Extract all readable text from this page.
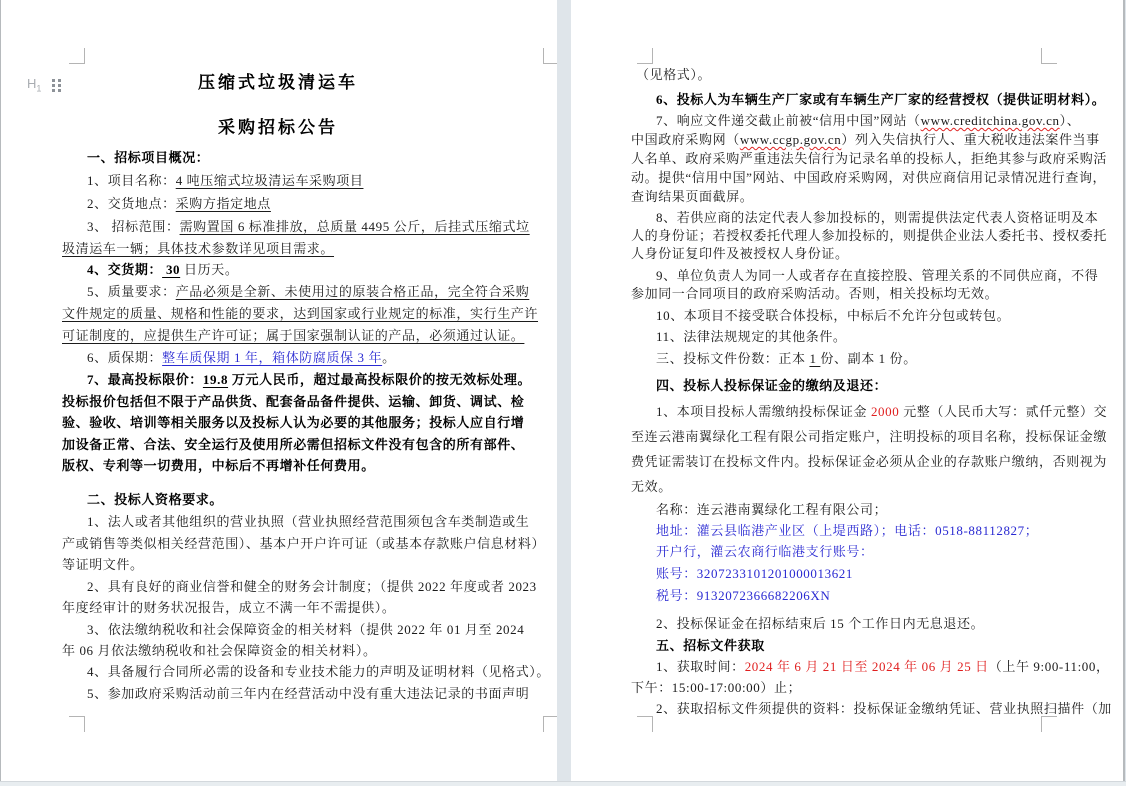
$H_1$	压缩式垃圾清运车
采购招标公告
一、招标项目概况：
1、项目名称：4 吨压缩式垃圾清运车采购项目
2、交货地点：采购方指定地点
3、 招标范围：需购置国 6 标准排放，总质量 4495 公斤，后挂式压缩式垃
圾清运车一辆；具体技术参数详见项目需求。
4、交货期： 30 日历天。
5、质量要求：产品必须是全新、未使用过的原装合格正品，完全符合采购
文件规定的质量、规格和性能的要求，达到国家或行业规定的标准，实行生产许
可证制度的，应提供生产许可证；属于国家强制认证的产品，必须通过认证。
6、质保期：整车质保期 1 年，箱体防腐质保 3 年。
7、最高投标限价：19.8 万元人民币，超过最高投标限价的按无效标处理。
投标报价包括但不限于产品供货、配套备品备件提供、运输、卸货、调试、检
验、验收、培训等相关服务以及投标人认为必要的其他服务；投标人应自行增
加设备正常、合法、安全运行及使用所必需但招标文件没有包含的所有部件、
版权、专利等一切费用，中标后不再增补任何费用。
二、投标人资格要求。
1、法人或者其他组织的营业执照（营业执照经营范围须包含车类制造或生
产或销售等类似相关经营范围）、基本户开户许可证（或基本存款账户信息材料）
等证明文件。
2、具有良好的商业信誉和健全的财务会计制度；（提供 2022 年度或者 2023
年度经审计的财务状况报告，成立不满一年不需提供）。
3、依法缴纳税收和社会保障资金的相关材料（提供 2022 年 01 月至 2024
年 06 月依法缴纳税收和社会保障资金的相关材料）。
4、具备履行合同所必需的设备和专业技术能力的声明及证明材料（见格式）。
5、参加政府采购活动前三年内在经营活动中没有重大违法记录的书面声明
（见格式）。
6、投标人为车辆生产厂家或有车辆生产厂家的经营授权（提供证明材料）。
7、响应文件递交截止前被“信用中国”网站（www.creditchina.gov.cn）、
中国政府采购网（www.ccgp.gov.cn）列入失信执行人、重大税收违法案件当事
人名单、政府采购严重违法失信行为记录名单的投标人，拒绝其参与政府采购活
动。提供“信用中国”网站、中国政府采购网，对供应商信用记录情况进行查询，
查询结果页面截屏。
8、若供应商的法定代表人参加投标的，则需提供法定代表人资格证明及本
人的身份证；若授权委托代理人参加投标的，则提供企业法人委托书、授权委托
人身份证复印件及被授权人身份证。
9、单位负责人为同一人或者存在直接控股、管理关系的不同供应商，不得
参加同一合同项目的政府采购活动。否则，相关投标均无效。
10、本项目不接受联合体投标，中标后不允许分包或转包。
11、法律法规规定的其他条件。
三、投标文件份数：正本 1 份、副本 1 份。
四、投标人投标保证金的缴纳及退还：
1、本项目投标人需缴纳投标保证金 2000 元整（人民币大写：贰仟元整）交
至连云港南翼绿化工程有限公司指定账户，注明投标的项目名称，投标保证金缴
费凭证需装订在投标文件内。投标保证金必须从企业的存款账户缴纳，否则视为
无效。
名称：连云港南翼绿化工程有限公司；
地址：灌云县临港产业区（上堤西路）；电话：0518-88112827；
开户行，灌云农商行临港支行账号：
账号：3207233101201000013621
税号：9132072366682206XN
2、投标保证金在招标结束后 15 个工作日内无息退还。
五、招标文件获取
1、获取时间：2024 年 6 月 21 日至 2024 年 06 月 25 日（上午 9:00-11:00，
下午：15:00-17:00:00）止；
2、获取招标文件须提供的资料：投标保证金缴纳凭证、营业执照扫描件（加
